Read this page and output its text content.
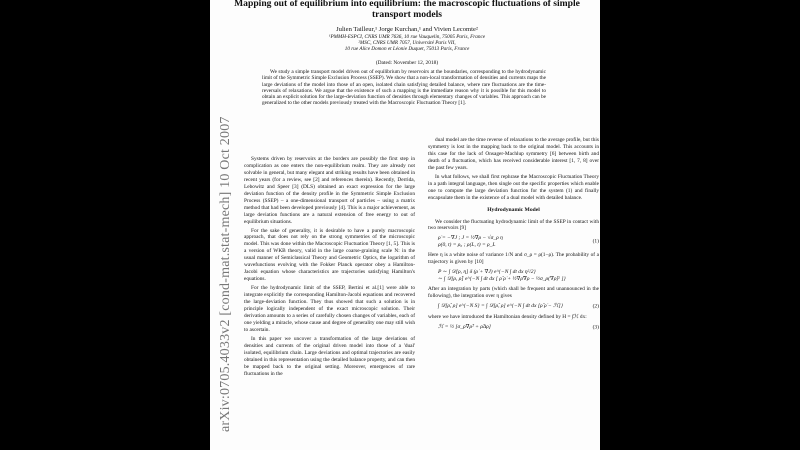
arXiv:0705.4033v2 [cond-mat.stat-mech] 10 Oct 2007
Mapping out of equilibrium into equilibrium: the macroscopic fluctuations of simple transport models
Julien Tailleur,¹ Jorge Kurchan,¹ and Vivien Lecomte²
¹PMMH-ESPCI, CNRS UMR 7636, 10 rue Vauquelin, 75005 Paris, France
²MSC, CNRS UMR 7057, Université Paris VII,
10 rue Alice Domon et Léonie Duquet, 75013 Paris, France
(Dated: November 12, 2018)
We study a simple transport model driven out of equilibrium by reservoirs at the boundaries, corresponding to the hydrodynamic limit of the Symmetric Simple Exclusion Process (SSEP). We show that a non-local transformation of densities and currents maps the large deviations of the model into those of an open, isolated chain satisfying detailed balance, where rare fluctuations are the time-reversals of relaxations. We argue that the existence of such a mapping is the immediate reason why it is possible for this model to obtain an explicit solution for the large-deviation function of densities through elementary changes of variables. This approach can be generalized to the other models previously treated with the Macroscopic Fluctuation Theory [1].

Systems driven by reservoirs at the borders are possibly the first step in complication as one enters the non-equilibrium realm. They are already not solvable in general, but many elegant and striking results have been obtained in recent years (for a review, see [2] and references therein). Recently, Derrida, Lebowitz and Speer [3] (DLS) obtained an exact expression for the large deviation function of the density profile in the Symmetric Simple Exclusion Process (SSEP) – a one-dimensional transport of particles – using a matrix method that had been developed previously [4]. This is a major achievement, as large deviation functions are a natural extension of free energy to out of equilibrium situations.

For the sake of generality, it is desirable to have a purely macroscopic approach, that does not rely on the strong symmetries of the microscopic model. This was done within the Macroscopic Fluctuation Theory [1, 5]. This is a version of WKB theory, valid in the large coarse-graining scale N: in the usual manner of Semiclassical Theory and Geometric Optics, the logarithm of wavefunctions evolving with the Fokker Planck operator obey a Hamilton-Jacobi equation whose characteristics are trajectories satisfying Hamilton's equations.

For the hydrodynamic limit of the SSEP, Bertini et al.[1] were able to integrate explicitly the corresponding Hamilton-Jacobi equations and recovered the large-deviation function. They thus showed that such a solution is in principle logically independent of the exact microscopic solution. Their derivation amounts to a series of carefully chosen changes of variables, each of one yielding a miracle, whose cause and degree of generality one may still wish to ascertain.

In this paper we uncover a transformation of the large deviations of densities and currents of the original driven model into those of a 'dual' isolated, equilibrium chain. Large deviations and optimal trajectories are easily obtained in this representation using the detailed balance property, and can then be mapped back to the original setting. Moreover, emergences of rare fluctuations in the

dual model are the time reverse of relaxations to the average profile, but this symmetry is lost in the mapping back to the original model. This accounts in this case for the lack of Onsager-Machlup symmetry [6] between birth and death of a fluctuation, which has received considerable interest [1, 7, 8] over the past few years.

In what follows, we shall first rephrase the Macroscopic Fluctuation Theory in a path integral language, then single out the specific properties which enable one to compute the large deviation function for the system (1) and finally encapsulate them in the existence of a dual model with detailed balance.

Hydrodynamic Model

We consider the fluctuating hydrodynamic limit of the SSEP in contact with two reservoirs [9]

ρ̇ = −∇J ; J = ½∇ρ − √σ_ρ η
ρ(0, t) = ρ₀ ; ρ(L, t) = ρ_L
(1)

Here η is a white noise of variance 1/N and σ_ρ = ρ(1−ρ). The probability of a trajectory is given by [10]

P ∼ ∫ 𝒟[ρ, η] δ (ρ̇ + ∇J) e^{−N ∫ dt dx η²/2}
∼ ∫ 𝒟[ρ, ρ̂] e^{−N ∫ dt dx [ ρ̂ ρ̇ + ½∇ρ̂∇ρ − ½σ_ρ(∇ρ̂)² ]}

After an integration by parts (which shall be frequent and unannounced in the following), the integration over η gives

∫ 𝒟[ρ̂, ρ] e^{−N S} = ∫ 𝒟[ρ̂, ρ] e^{−N ∫ dt dx [ρ̂ ρ̇ − ℋ]}	(2)

where we have introduced the Hamiltonian density defined by H = ∫ℋ dx:

ℋ = ½ [σ_ρ∇ρ̂² + ρ̂Δρ]	(3)
